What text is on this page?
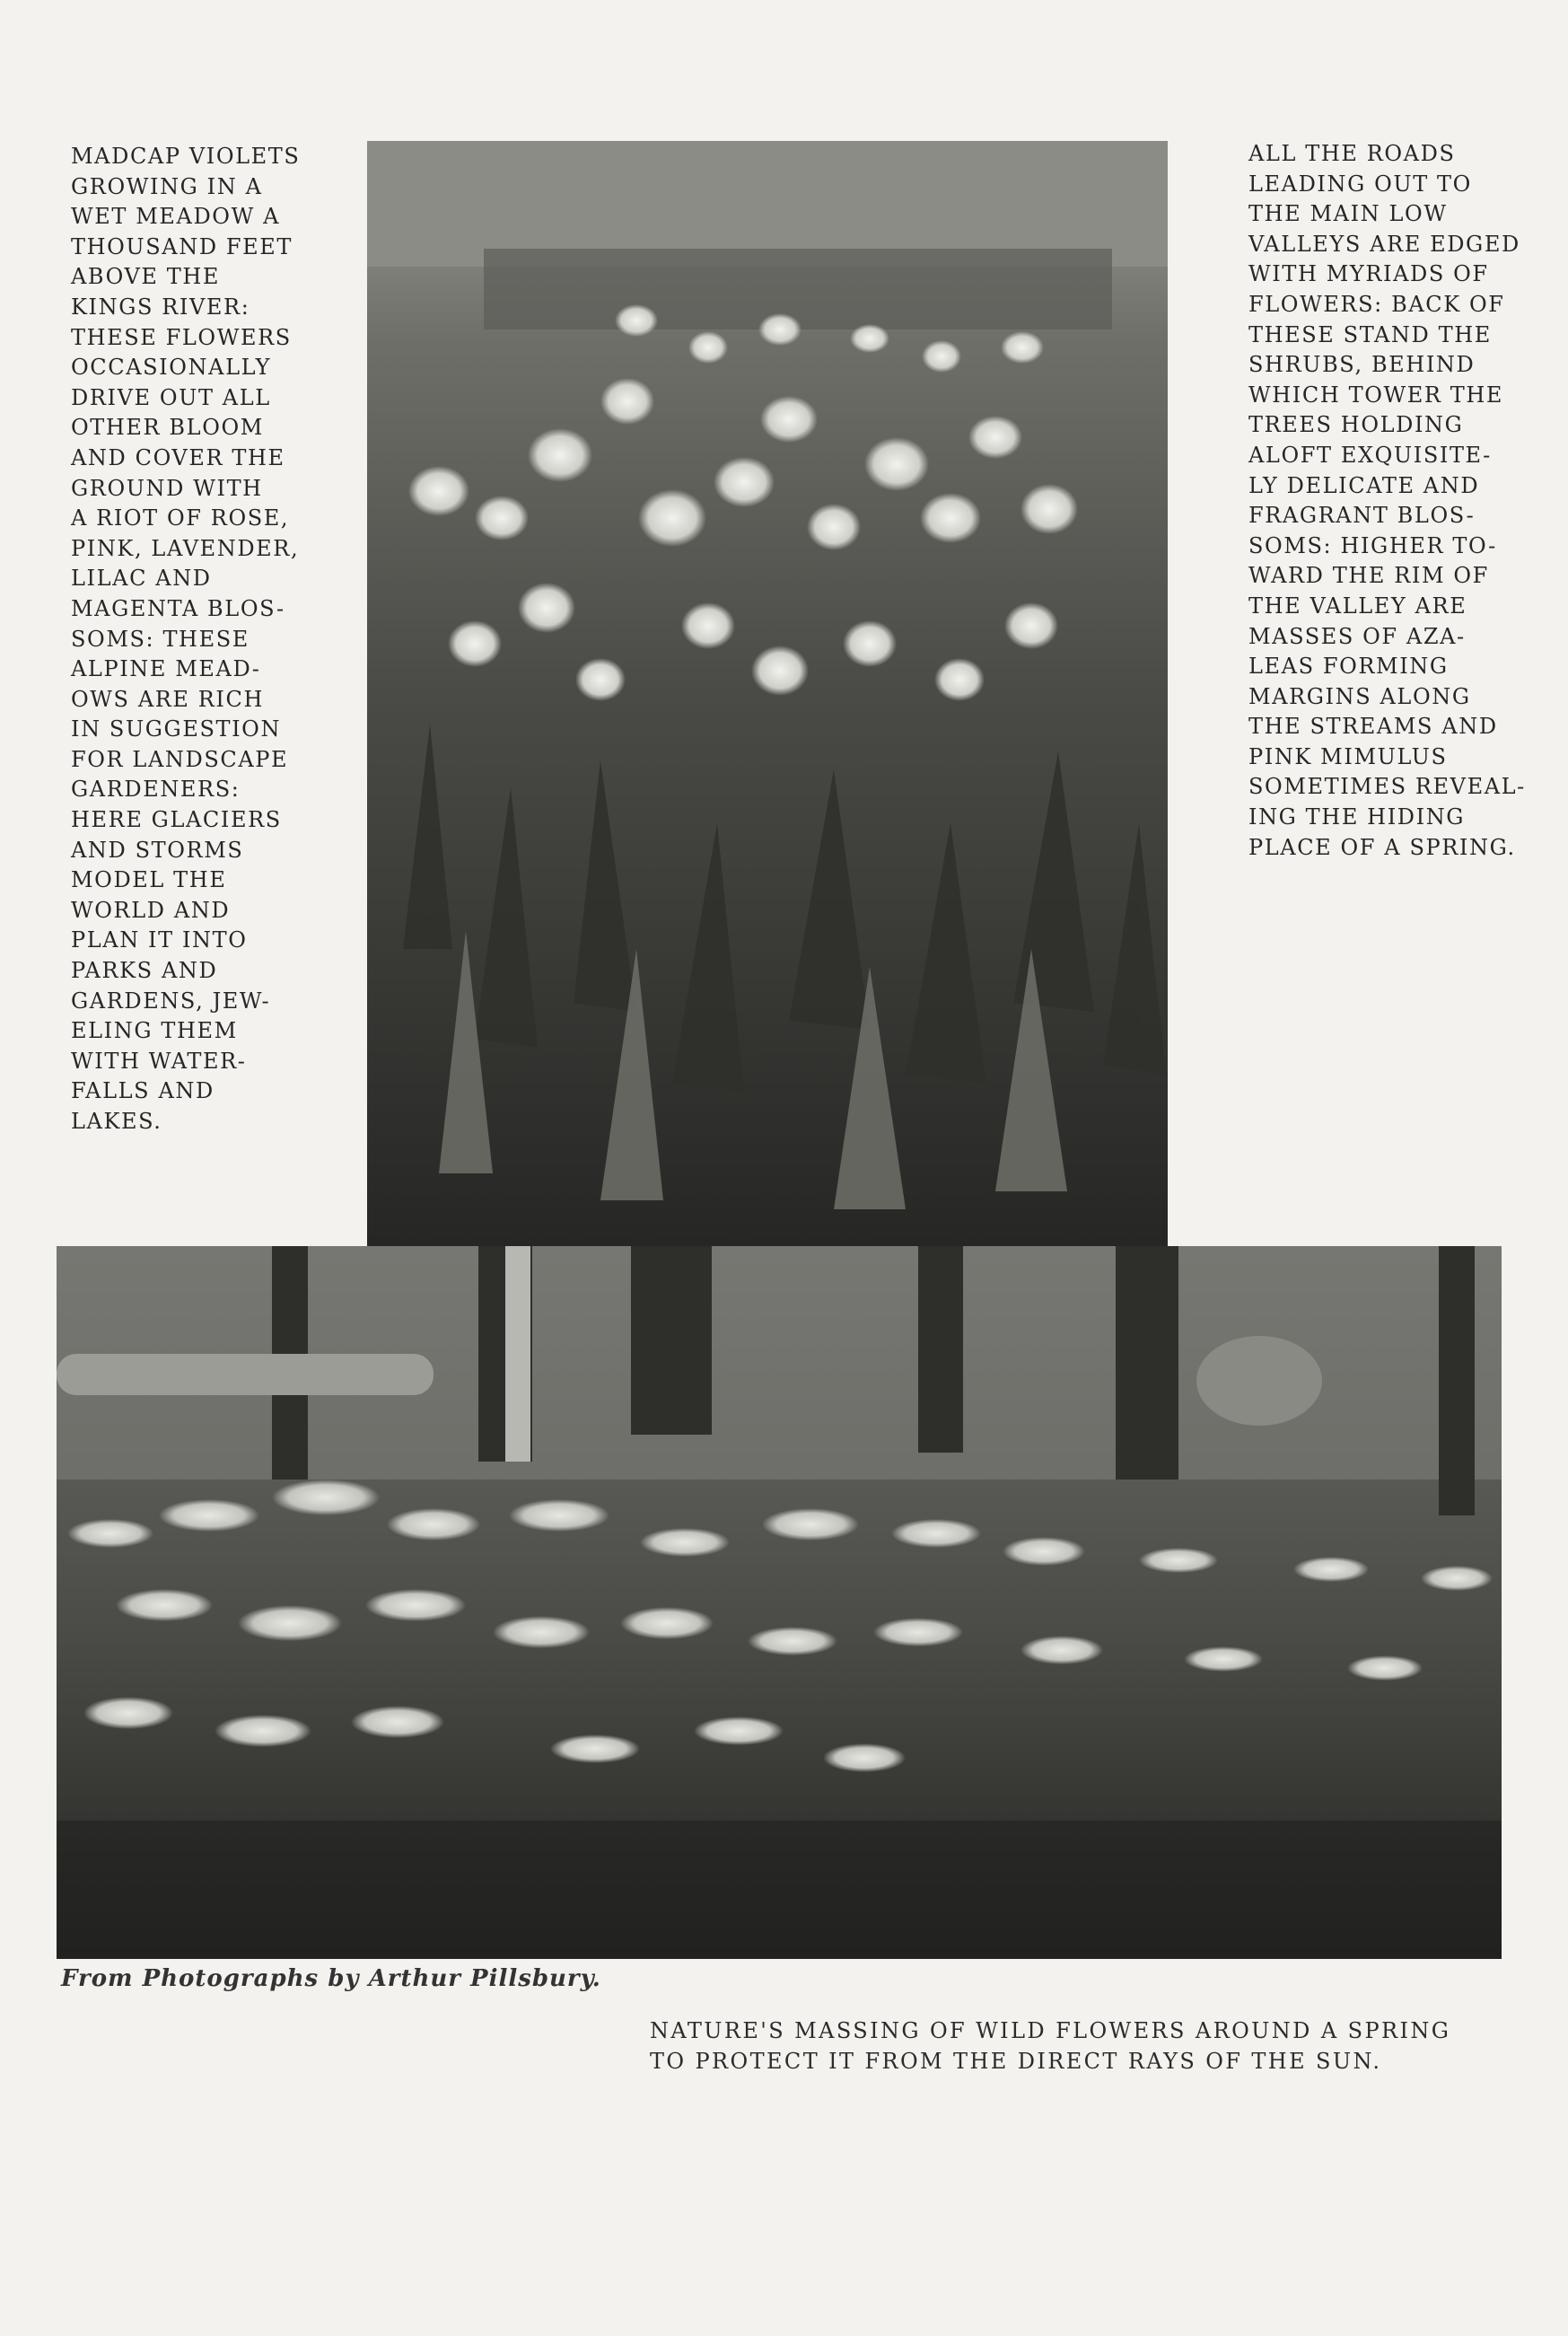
MADCAP VIOLETS
GROWING IN A
WET MEADOW A
THOUSAND FEET
ABOVE THE
KINGS RIVER:
THESE FLOWERS
OCCASIONALLY
DRIVE OUT ALL
OTHER BLOOM
AND COVER THE
GROUND WITH
A RIOT OF ROSE,
PINK, LAVENDER,
LILAC AND
MAGENTA BLOS-
SOMS: THESE
ALPINE MEAD-
OWS ARE RICH
IN SUGGESTION
FOR LANDSCAPE
GARDENERS:
HERE GLACIERS
AND STORMS
MODEL THE
WORLD AND
PLAN IT INTO
PARKS AND
GARDENS, JEW-
ELING THEM
WITH WATER-
FALLS AND
LAKES.
ALL THE ROADS
LEADING OUT TO
THE MAIN LOW
VALLEYS ARE EDGED
WITH MYRIADS OF
FLOWERS: BACK OF
THESE STAND THE
SHRUBS, BEHIND
WHICH TOWER THE
TREES HOLDING
ALOFT EXQUISITE-
LY DELICATE AND
FRAGRANT BLOS-
SOMS: HIGHER TO-
WARD THE RIM OF
THE VALLEY ARE
MASSES OF AZA-
LEAS FORMING
MARGINS ALONG
THE STREAMS AND
PINK MIMULUS
SOMETIMES REVEAL-
ING THE HIDING
PLACE OF A SPRING.
From Photographs by Arthur Pillsbury.
NATURE'S MASSING OF WILD FLOWERS AROUND A SPRING
TO PROTECT IT FROM THE DIRECT RAYS OF THE SUN.
